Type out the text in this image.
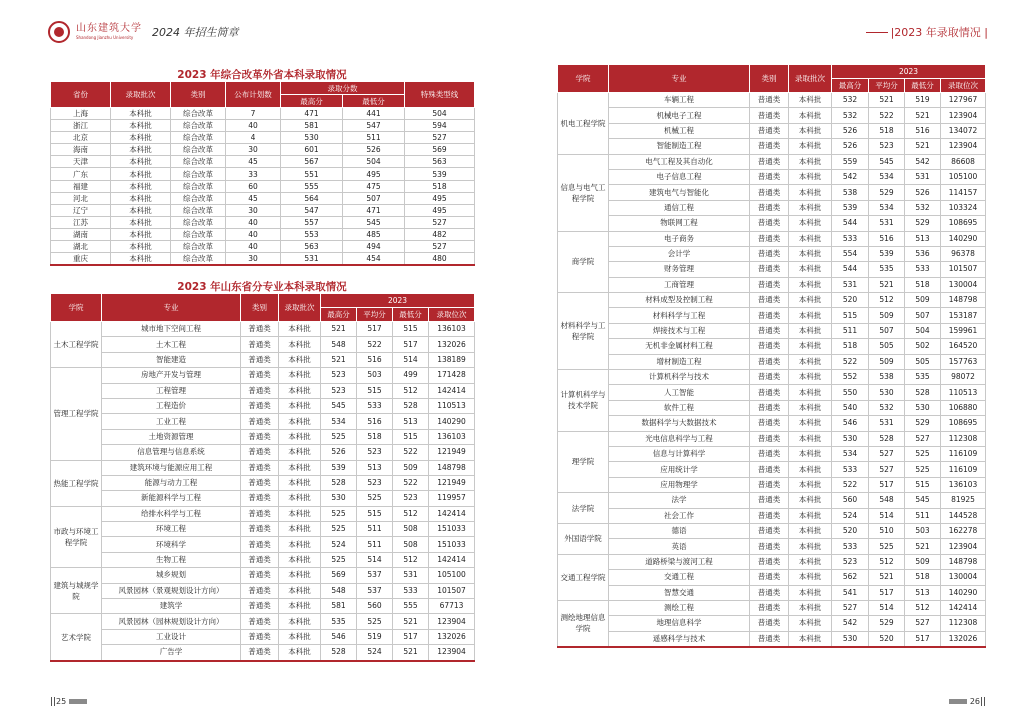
山东建筑大学
Shandong Jianzhu University	2024 年招生简章	|2023 年录取情况 |
2023 年综合改革外省本科录取情况
省份	录取批次	类别	公布计划数	录取分数		特殊类型线
				最高分	最低分	
上海	本科批	综合改革	7	471	441	504
浙江	本科批	综合改革	40	581	547	594
北京	本科批	综合改革	4	530	511	527
海南	本科批	综合改革	30	601	526	569
天津	本科批	综合改革	45	567	504	563
广东	本科批	综合改革	33	551	495	539
福建	本科批	综合改革	60	555	475	518
河北	本科批	综合改革	45	564	507	495
辽宁	本科批	综合改革	30	547	471	495
江苏	本科批	综合改革	40	557	545	527
湖南	本科批	综合改革	40	553	485	482
湖北	本科批	综合改革	40	563	494	527
重庆	本科批	综合改革	30	531	454	480
2023 年山东省分专业本科录取情况
学院	专业	类别	录取批次	2023			
				最高分	平均分	最低分	录取位次
土木工程学院	城市地下空间工程	普通类	本科批	521	517	515	136103
	土木工程	普通类	本科批	548	522	517	132026
	智能建造	普通类	本科批	521	516	514	138189
管理工程学院	房地产开发与管理	普通类	本科批	523	503	499	171428
	工程管理	普通类	本科批	523	515	512	142414
	工程造价	普通类	本科批	545	533	528	110513
	工业工程	普通类	本科批	534	516	513	140290
	土地资源管理	普通类	本科批	525	518	515	136103
	信息管理与信息系统	普通类	本科批	526	523	522	121949
热能工程学院	建筑环境与能源应用工程	普通类	本科批	539	513	509	148798
	能源与动力工程	普通类	本科批	528	523	522	121949
	新能源科学与工程	普通类	本科批	530	525	523	119957
市政与环境工程学院	给排水科学与工程	普通类	本科批	525	515	512	142414
	环境工程	普通类	本科批	525	511	508	151033
	环境科学	普通类	本科批	524	511	508	151033
	生物工程	普通类	本科批	525	514	512	142414
建筑与城规学院	城乡规划	普通类	本科批	569	537	531	105100
	风景园林（景观规划设计方向）	普通类	本科批	548	537	533	101507
	建筑学	普通类	本科批	581	560	555	67713
艺术学院	风景园林（园林规划设计方向）	普通类	本科批	535	525	521	123904
	工业设计	普通类	本科批	546	519	517	132026
	广告学	普通类	本科批	528	524	521	123904
学院	专业	类别	录取批次	2023			
				最高分	平均分	最低分	录取位次
机电工程学院	车辆工程	普通类	本科批	532	521	519	127967
	机械电子工程	普通类	本科批	532	522	521	123904
	机械工程	普通类	本科批	526	518	516	134072
	智能制造工程	普通类	本科批	526	523	521	123904
信息与电气工程学院	电气工程及其自动化	普通类	本科批	559	545	542	86608
	电子信息工程	普通类	本科批	542	534	531	105100
	建筑电气与智能化	普通类	本科批	538	529	526	114157
	通信工程	普通类	本科批	539	534	532	103324
	物联网工程	普通类	本科批	544	531	529	108695
商学院	电子商务	普通类	本科批	533	516	513	140290
	会计学	普通类	本科批	554	539	536	96378
	财务管理	普通类	本科批	544	535	533	101507
	工商管理	普通类	本科批	531	521	518	130004
材料科学与工程学院	材料成型及控制工程	普通类	本科批	520	512	509	148798
	材料科学与工程	普通类	本科批	515	509	507	153187
	焊接技术与工程	普通类	本科批	511	507	504	159961
	无机非金属材料工程	普通类	本科批	518	505	502	164520
	增材制造工程	普通类	本科批	522	509	505	157763
计算机科学与技术学院	计算机科学与技术	普通类	本科批	552	538	535	98072
	人工智能	普通类	本科批	550	530	528	110513
	软件工程	普通类	本科批	540	532	530	106880
	数据科学与大数据技术	普通类	本科批	546	531	529	108695
理学院	光电信息科学与工程	普通类	本科批	530	528	527	112308
	信息与计算科学	普通类	本科批	534	527	525	116109
	应用统计学	普通类	本科批	533	527	525	116109
	应用物理学	普通类	本科批	522	517	515	136103
法学院	法学	普通类	本科批	560	548	545	81925
	社会工作	普通类	本科批	524	514	511	144528
外国语学院	德语	普通类	本科批	520	510	503	162278
	英语	普通类	本科批	533	525	521	123904
交通工程学院	道路桥梁与渡河工程	普通类	本科批	523	512	509	148798
	交通工程	普通类	本科批	562	521	518	130004
	智慧交通	普通类	本科批	541	517	513	140290
测绘地理信息学院	测绘工程	普通类	本科批	527	514	512	142414
	地理信息科学	普通类	本科批	542	529	527	112308
	遥感科学与技术	普通类	本科批	530	520	517	132026
25	26
